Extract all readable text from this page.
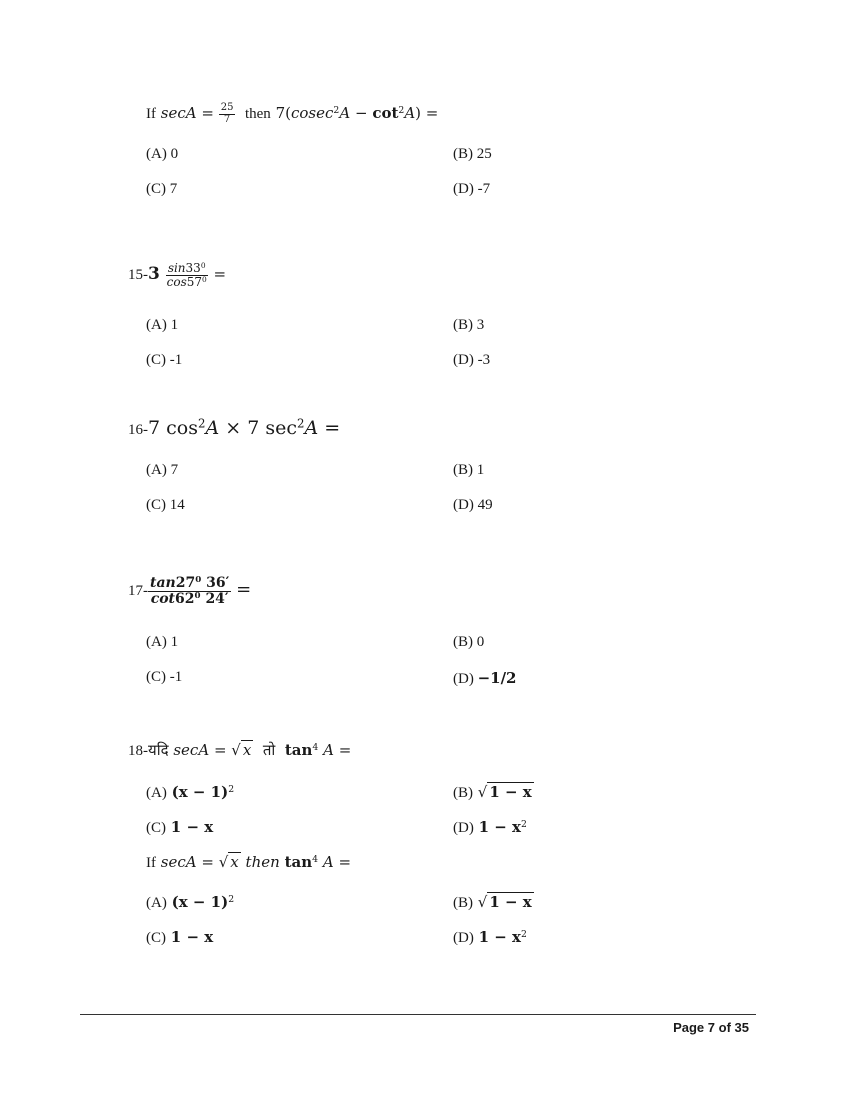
If $\sec A = \frac{25}{7}$ then $7(cosec^2A - \cot^2A)$ =
(A) 0	(B) 25
(C) 7	(D) -7
$15-3 \frac{\sin 33^0}{\cos 57^0}$ =
(A) 1	(B) 3
(C) -1	(D) -3
16-7 $\cos^2A \times 7$ $\sec^2A$ =
(A) 7	(B) 1
(C) 14	(D) 49
$17- \frac{\tan 27^0 36'}{\cot 62^0 24'}$ =
(A) 1	(B) 0
(C) -1	(D) −1/2
18-यदि secA = √ x तो $\tan^4 A$ =
(A) $(x - 1)^2$	(B) √ 1 − x
(C) 1 − x	(D) $1 - x^2$
If secA = √ x then $\tan^4 A$ =
(A) $(x - 1)^2$	(B) √ 1 − x
(C) 1 − x	(D) $1 - x^2$
Page 7 of 35
